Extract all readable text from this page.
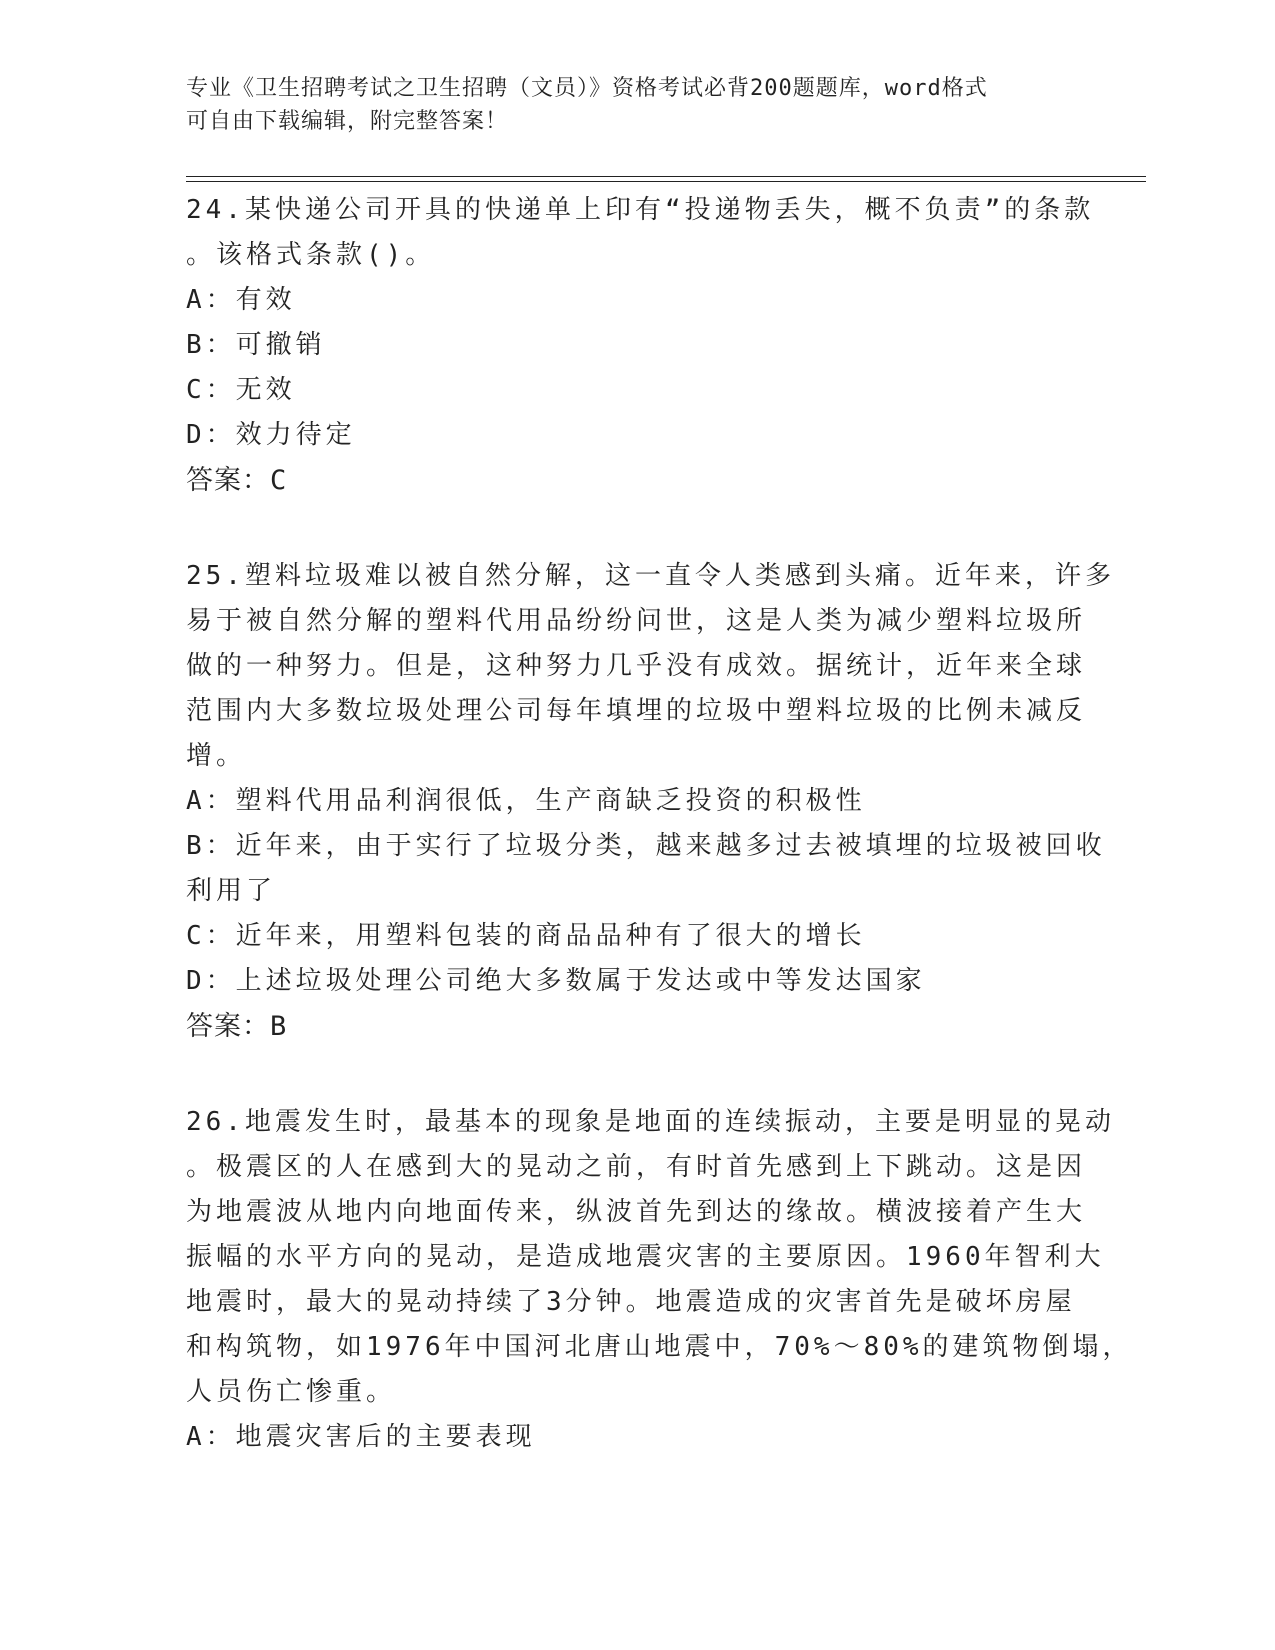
专业《卫生招聘考试之卫生招聘（文员）》资格考试必背200题题库，word格式
可自由下载编辑，附完整答案！
24.某快递公司开具的快递单上印有“投递物丢失，概不负责”的条款
。该格式条款()。
A：有效
B：可撤销
C：无效
D：效力待定
答案：C
25.塑料垃圾难以被自然分解，这一直令人类感到头痛。近年来，许多
易于被自然分解的塑料代用品纷纷问世，这是人类为减少塑料垃圾所
做的一种努力。但是，这种努力几乎没有成效。据统计，近年来全球
范围内大多数垃圾处理公司每年填埋的垃圾中塑料垃圾的比例未减反
增。
A：塑料代用品利润很低，生产商缺乏投资的积极性
B：近年来，由于实行了垃圾分类，越来越多过去被填埋的垃圾被回收
利用了
C：近年来，用塑料包装的商品品种有了很大的增长
D：上述垃圾处理公司绝大多数属于发达或中等发达国家
答案：B
26.地震发生时，最基本的现象是地面的连续振动，主要是明显的晃动
。极震区的人在感到大的晃动之前，有时首先感到上下跳动。这是因
为地震波从地内向地面传来，纵波首先到达的缘故。横波接着产生大
振幅的水平方向的晃动，是造成地震灾害的主要原因。1960年智利大
地震时，最大的晃动持续了3分钟。地震造成的灾害首先是破坏房屋
和构筑物，如1976年中国河北唐山地震中，70%～80%的建筑物倒塌，
人员伤亡惨重。
A：地震灾害后的主要表现
